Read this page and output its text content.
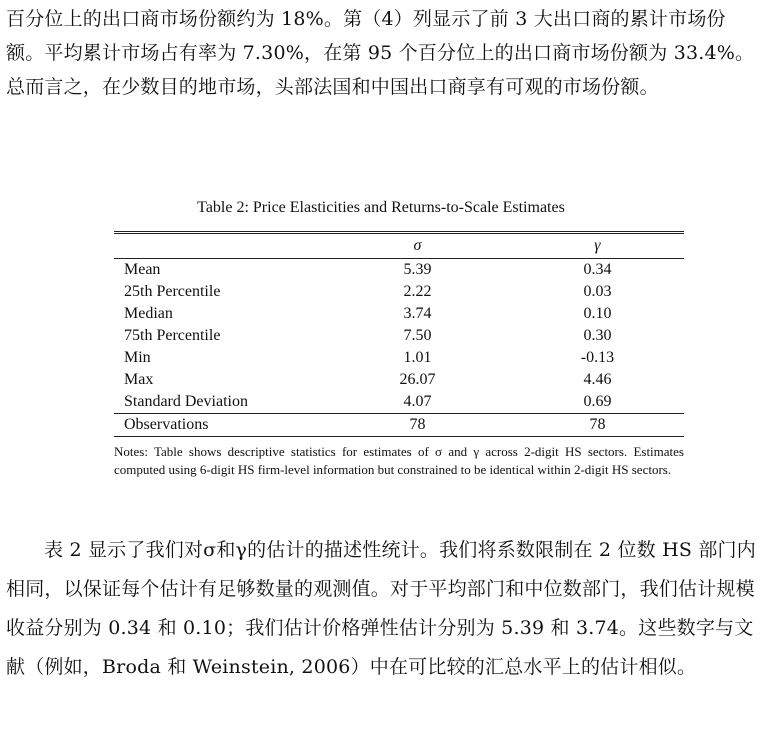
百分位上的出口商市场份额约为 18%。第（4）列显示了前 3 大出口商的累计市场份额。平均累计市场占有率为 7.30%，在第 95 个百分位上的出口商市场份额为 33.4%。总而言之，在少数目的地市场，头部法国和中国出口商享有可观的市场份额。
Table 2: Price Elasticities and Returns-to-Scale Estimates
	σ	γ
Mean	5.39	0.34
25th Percentile	2.22	0.03
Median	3.74	0.10
75th Percentile	7.50	0.30
Min	1.01	-0.13
Max	26.07	4.46
Standard Deviation	4.07	0.69
Observations	78	78
Notes: Table shows descriptive statistics for estimates of σ and γ across 2-digit HS sectors. Estimates computed using 6-digit HS firm-level information but constrained to be identical within 2-digit HS sectors.
表 2 显示了我们对σ和γ的估计的描述性统计。我们将系数限制在 2 位数 HS 部门内相同，以保证每个估计有足够数量的观测值。对于平均部门和中位数部门，我们估计规模收益分别为 0.34 和 0.10；我们估计价格弹性估计分别为 5.39 和 3.74。这些数字与文献（例如，Broda 和 Weinstein, 2006）中在可比较的汇总水平上的估计相似。
